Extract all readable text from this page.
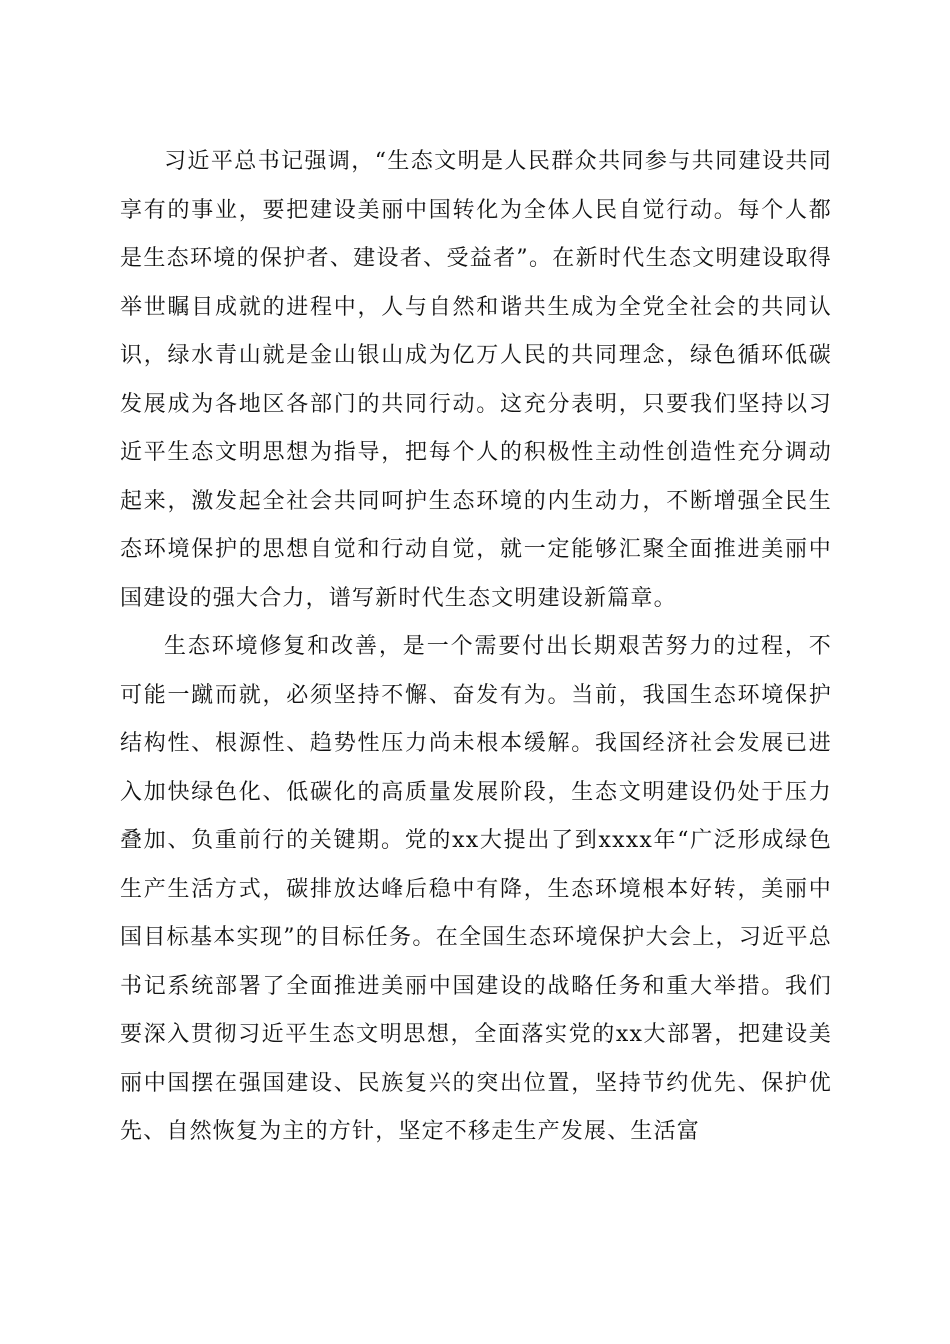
习近平总书记强调，“生态文明是人民群众共同参与共同建设共同享有的事业，要把建设美丽中国转化为全体人民自觉行动。每个人都是生态环境的保护者、建设者、受益者”。在新时代生态文明建设取得举世瞩目成就的进程中，人与自然和谐共生成为全党全社会的共同认识，绿水青山就是金山银山成为亿万人民的共同理念，绿色循环低碳发展成为各地区各部门的共同行动。这充分表明，只要我们坚持以习近平生态文明思想为指导，把每个人的积极性主动性创造性充分调动起来，激发起全社会共同呵护生态环境的内生动力，不断增强全民生态环境保护的思想自觉和行动自觉，就一定能够汇聚全面推进美丽中国建设的强大合力，谱写新时代生态文明建设新篇章。

生态环境修复和改善，是一个需要付出长期艰苦努力的过程，不可能一蹴而就，必须坚持不懈、奋发有为。当前，我国生态环境保护结构性、根源性、趋势性压力尚未根本缓解。我国经济社会发展已进入加快绿色化、低碳化的高质量发展阶段，生态文明建设仍处于压力叠加、负重前行的关键期。党的xx大提出了到xxxx年“广泛形成绿色生产生活方式，碳排放达峰后稳中有降，生态环境根本好转，美丽中国目标基本实现”的目标任务。在全国生态环境保护大会上，习近平总书记系统部署了全面推进美丽中国建设的战略任务和重大举措。我们要深入贯彻习近平生态文明思想，全面落实党的xx大部署，把建设美丽中国摆在强国建设、民族复兴的突出位置，坚持节约优先、保护优先、自然恢复为主的方针，坚定不移走生产发展、生活富
